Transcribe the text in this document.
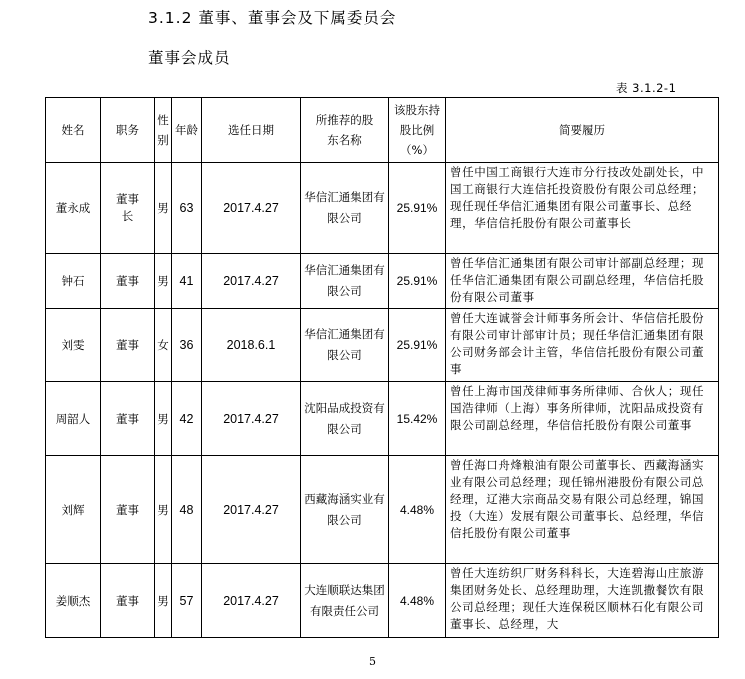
3.1.2 董事、董事会及下属委员会
董事会成员
表 3.1.2-1
姓名	职务	性别	年龄	选任日期	所推荐的股东名称	该股东持股比例（%）	简要履历
董永成	董事长	男	63	2017.4.27	华信汇通集团有限公司	25.91%	曾任中国工商银行大连市分行技改处副处长，中国工商银行大连信托投资股份有限公司总经理；现任现任华信汇通集团有限公司董事长、总经理，华信信托股份有限公司董事长
钟石	董事	男	41	2017.4.27	华信汇通集团有限公司	25.91%	曾任华信汇通集团有限公司审计部副总经理；现任华信汇通集团有限公司副总经理，华信信托股份有限公司董事
刘雯	董事	女	36	2018.6.1	华信汇通集团有限公司	25.91%	曾任大连诚誉会计师事务所会计、华信信托股份有限公司审计部审计员；现任华信汇通集团有限公司财务部会计主管，华信信托股份有限公司董事
周韶人	董事	男	42	2017.4.27	沈阳品成投资有限公司	15.42%	曾任上海市国茂律师事务所律师、合伙人；现任国浩律师（上海）事务所律师，沈阳品成投资有限公司副总经理，华信信托股份有限公司董事
刘辉	董事	男	48	2017.4.27	西藏海涵实业有限公司	4.48%	曾任海口舟烽粮油有限公司董事长、西藏海涵实业有限公司总经理；现任锦州港股份有限公司总经理，辽港大宗商品交易有限公司总经理，锦国投（大连）发展有限公司董事长、总经理，华信信托股份有限公司董事
姜顺杰	董事	男	57	2017.4.27	大连顺联达集团有限责任公司	4.48%	曾任大连纺织厂财务科科长，大连碧海山庄旅游集团财务处长、总经理助理，大连凯撒餐饮有限公司总经理；现任大连保税区顺林石化有限公司董事长、总经理，大
5
